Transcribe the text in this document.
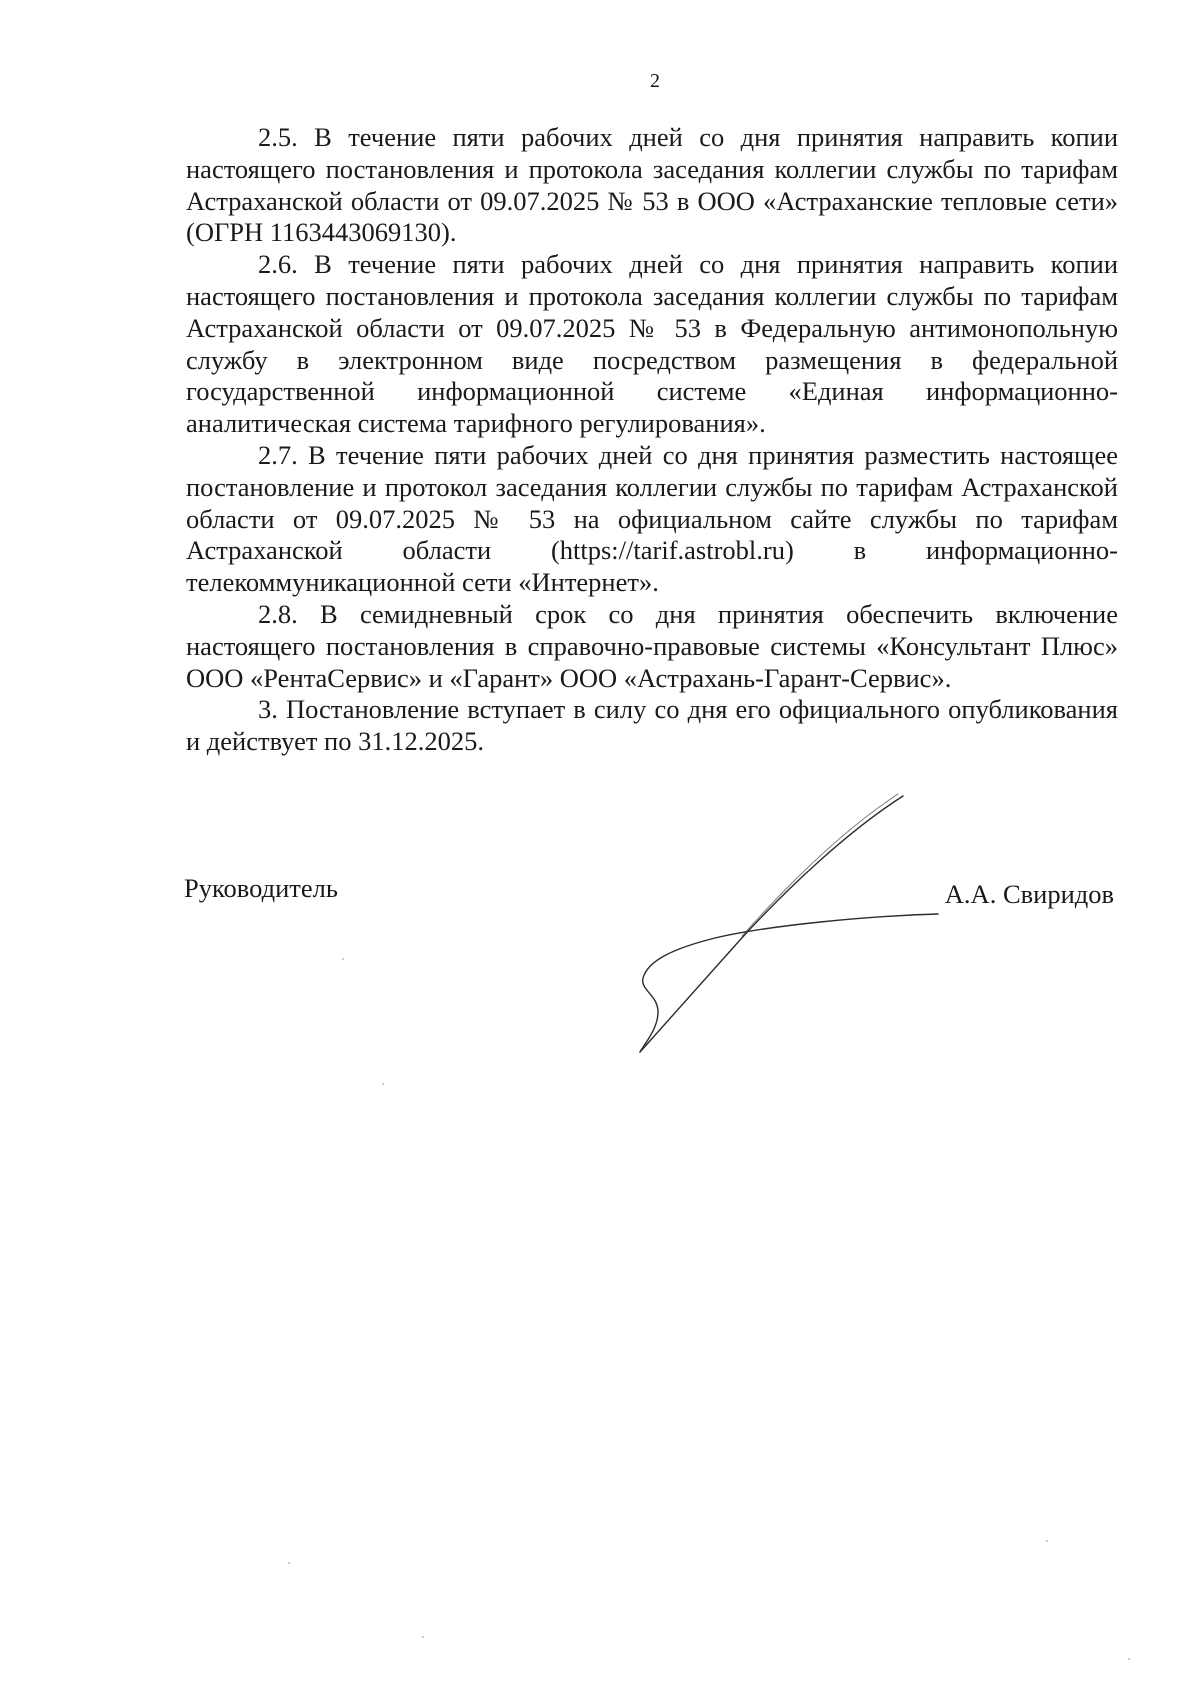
2

2.5. В течение пяти рабочих дней со дня принятия направить копии настоящего постановления и протокола заседания коллегии службы по тарифам Астраханской области от 09.07.2025 № 53 в ООО «Астраханские тепловые сети» (ОГРН 1163443069130).

2.6. В течение пяти рабочих дней со дня принятия направить копии настоящего постановления и протокола заседания коллегии службы по тарифам Астраханской области от 09.07.2025 № 53 в Федеральную антимонопольную службу в электронном виде посредством размещения в федеральной государственной информационной системе «Единая информационно-аналитическая система тарифного регулирования».

2.7. В течение пяти рабочих дней со дня принятия разместить настоящее постановление и протокол заседания коллегии службы по тарифам Астраханской области от 09.07.2025 № 53 на официальном сайте службы по тарифам Астраханской области (https://tarif.astrobl.ru) в информационно-телекоммуникационной сети «Интернет».

2.8. В семидневный срок со дня принятия обеспечить включение настоящего постановления в справочно-правовые системы «Консультант Плюс» ООО «РентаСервис» и «Гарант» ООО «Астрахань-Гарант-Сервис».

3. Постановление вступает в силу со дня его официального опубликования и действует по 31.12.2025.

Руководитель	А.А. Свиридов
